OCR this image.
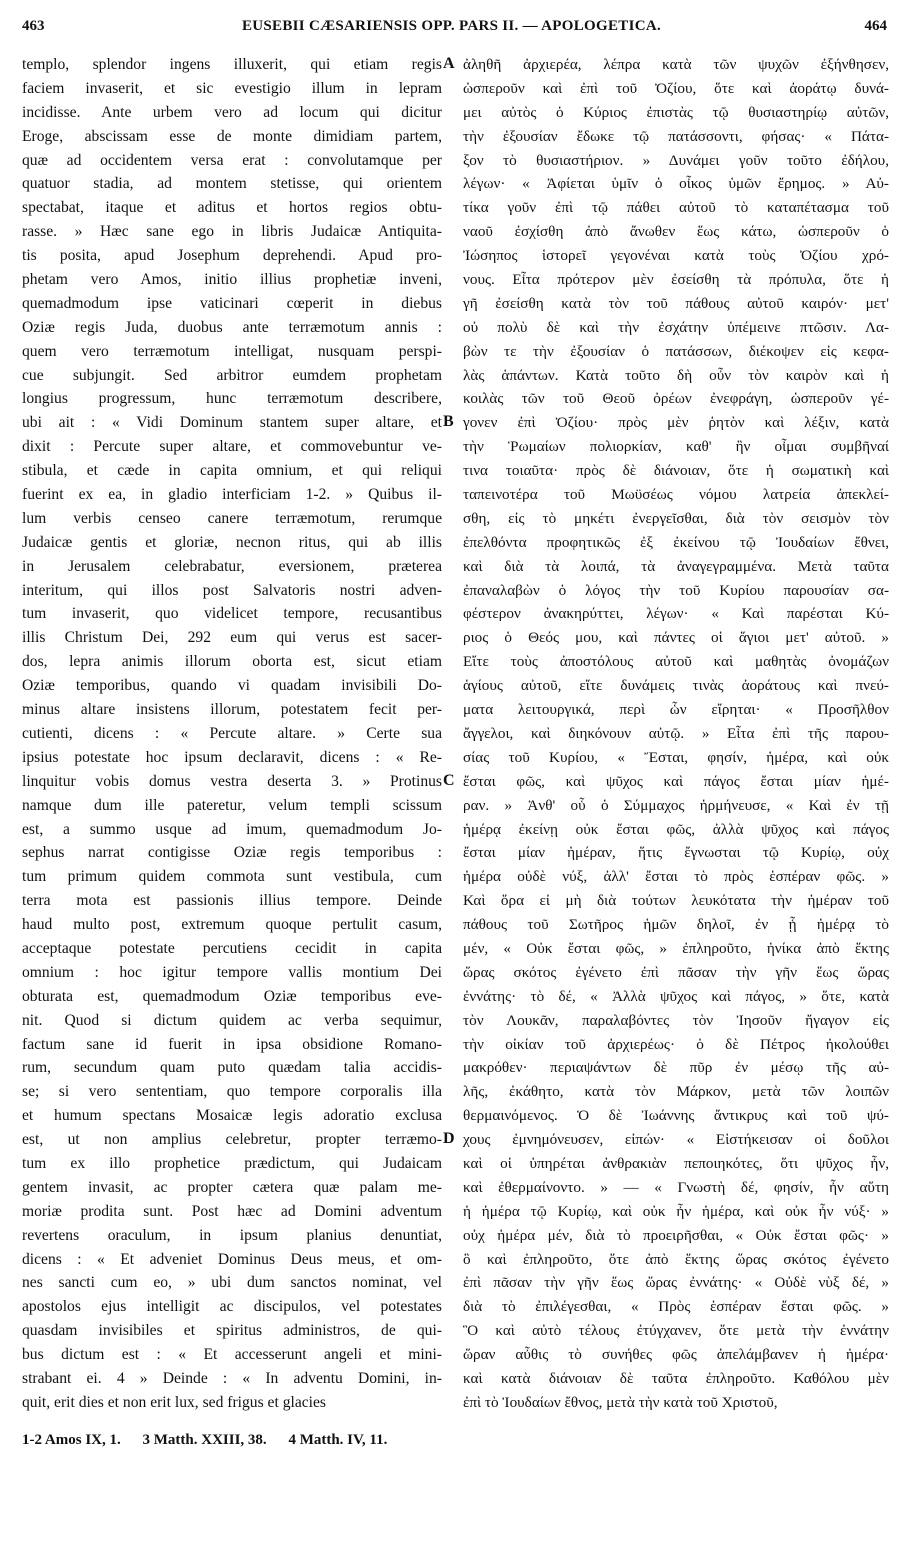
463	EUSEBII CÆSARIENSIS OPP. PARS II. — APOLOGETICA.	464
templo, splendor ingens illuxerit, qui etiam regis
faciem invaserit, et sic evestigio illum in lepram
incidisse. Ante urbem vero ad locum qui dicitur
Eroge, abscissam esse de monte dimidiam partem,
quæ ad occidentem versa erat : convolutamque per
quatuor stadia, ad montem stetisse, qui orientem
spectabat, itaque et aditus et hortos regios obtu-
rasse. » Hæc sane ego in libris Judaicæ Antiquita-
tis posita, apud Josephum deprehendi. Apud pro-
phetam vero Amos, initio illius prophetiæ inveni,
quemadmodum ipse vaticinari cœperit in diebus
Oziæ regis Juda, duobus ante terræmotum annis :
quem vero terræmotum intelligat, nusquam perspi-
cue subjungit. Sed arbitror eumdem prophetam
longius progressum, hunc terræmotum describere,
ubi ait : « Vidi Dominum stantem super altare, et
dixit : Percute super altare, et commovebuntur ve-
stibula, et cæde in capita omnium, et qui reliqui
fuerint ex ea, in gladio interficiam 1-2. » Quibus il-
lum verbis censeo canere terræmotum, rerumque
Judaicæ gentis et gloriæ, necnon ritus, qui ab illis
in Jerusalem celebrabatur, eversionem, præterea
interitum, qui illos post Salvatoris nostri adven-
tum invaserit, quo videlicet tempore, recusantibus
illis Christum Dei, 292 eum qui verus est sacer-
dos, lepra animis illorum oborta est, sicut etiam
Oziæ temporibus, quando vi quadam invisibili Do-
minus altare insistens illorum, potestatem fecit per-
cutienti, dicens : « Percute altare. » Certe sua
ipsius potestate hoc ipsum declaravit, dicens : « Re-
linquitur vobis domus vestra deserta 3. » Protinus
namque dum ille pateretur, velum templi scissum
est, a summo usque ad imum, quemadmodum Jo-
sephus narrat contigisse Oziæ regis temporibus :
tum primum quidem commota sunt vestibula, cum
terra mota est passionis illius tempore. Deinde
haud multo post, extremum quoque pertulit casum,
acceptaque potestate percutiens cecidit in capita
omnium : hoc igitur tempore vallis montium Dei
obturata est, quemadmodum Oziæ temporibus eve-
nit. Quod si dictum quidem ac verba sequimur,
factum sane id fuerit in ipsa obsidione Romano-
rum, secundum quam puto quædam talia accidis-
se; si vero sententiam, quo tempore corporalis illa
et humum spectans Mosaicæ legis adoratio exclusa
est, ut non amplius celebretur, propter terræmo-
tum ex illo prophetice prædictum, qui Judaicam
gentem invasit, ac propter cætera quæ palam me-
moriæ prodita sunt. Post hæc ad Domini adventum
revertens oraculum, in ipsum planius denuntiat,
dicens : « Et adveniet Dominus Deus meus, et om-
nes sancti cum eo, » ubi dum sanctos nominat, vel
apostolos ejus intelligit ac discipulos, vel potestates
quasdam invisibiles et spiritus administros, de qui-
bus dictum est : « Et accesserunt angeli et mini-
strabant ei. 4 » Deinde : « In adventu Domini, in-
quit, erit dies et non erit lux, sed frigus et glacies
ἀληθῆ ἀρχιερέα, λέπρα κατὰ τῶν ψυχῶν ἐξήνθησεν,
ὡσπεροῦν καὶ ἐπὶ τοῦ Ὀζίου, ὅτε καὶ ἀοράτῳ δυνά-
μει αὐτὸς ὁ Κύριος ἐπιστὰς τῷ θυσιαστηρίῳ αὐτῶν,
τὴν ἐξουσίαν ἔδωκε τῷ πατάσσοντι, φήσας· « Πάτα-
ξον τὸ θυσιαστήριον. » Δυνάμει γοῦν τοῦτο ἐδήλου,
λέγων· « Ἀφίεται ὑμῖν ὁ οἶκος ὑμῶν ἔρημος. » Αὐ-
τίκα γοῦν ἐπὶ τῷ πάθει αὐτοῦ τὸ καταπέτασμα τοῦ
ναοῦ ἐσχίσθη ἀπὸ ἄνωθεν ἕως κάτω, ὡσπεροῦν ὁ
Ἰώσηπος ἱστορεῖ γεγονέναι κατὰ τοὺς Ὀζίου χρό-
νους. Εἶτα πρότερον μὲν ἐσείσθη τὰ πρόπυλα, ὅτε ἡ
γῆ ἐσείσθη κατὰ τὸν τοῦ πάθους αὐτοῦ καιρόν· μετ'
οὐ πολὺ δὲ καὶ τὴν ἐσχάτην ὑπέμεινε πτῶσιν. Λα-
βὼν τε τὴν ἐξουσίαν ὁ πατάσσων, διέκοψεν εἰς κεφα-
λὰς ἁπάντων. Κατὰ τοῦτο δὴ οὖν τὸν καιρὸν καὶ ἡ
κοιλὰς τῶν τοῦ Θεοῦ ὀρέων ἐνεφράγη, ὡσπεροῦν γέ-
γονεν ἐπὶ Ὀζίου· πρὸς μὲν ῥητὸν καὶ λέξιν, κατὰ
τὴν Ῥωμαίων πολιορκίαν, καθ' ἣν οἶμαι συμβῆναί
τινα τοιαῦτα· πρὸς δὲ διάνοιαν, ὅτε ἡ σωματικὴ καὶ
ταπεινοτέρα τοῦ Μωϋσέως νόμου λατρεία ἀπεκλεί-
σθη, εἰς τὸ μηκέτι ἐνεργεῖσθαι, διὰ τὸν σεισμὸν τὸν
ἐπελθόντα προφητικῶς ἐξ ἐκείνου τῷ Ἰουδαίων ἔθνει,
καὶ διὰ τὰ λοιπά, τὰ ἀναγεγραμμένα. Μετὰ ταῦτα
ἐπαναλαβὼν ὁ λόγος τὴν τοῦ Κυρίου παρουσίαν σα-
φέστερον ἀνακηρύττει, λέγων· « Καὶ παρέσται Κύ-
ριος ὁ Θεός μου, καὶ πάντες οἱ ἅγιοι μετ' αὐτοῦ. »
Εἴτε τοὺς ἀποστόλους αὐτοῦ καὶ μαθητὰς ὀνομάζων
ἁγίους αὐτοῦ, εἴτε δυνάμεις τινὰς ἀοράτους καὶ πνεύ-
ματα λειτουργικά, περὶ ὧν εἴρηται· « Προσῆλθον
ἄγγελοι, καὶ διηκόνουν αὐτῷ. » Εἶτα ἐπὶ τῆς παρου-
σίας τοῦ Κυρίου, « Ἔσται, φησίν, ἡμέρα, καὶ οὐκ
ἔσται φῶς, καὶ ψῦχος καὶ πάγος ἔσται μίαν ἡμέ-
ραν. » Ἀνθ' οὗ ὁ Σύμμαχος ἡρμήνευσε, « Καὶ ἐν τῇ
ἡμέρᾳ ἐκείνῃ οὐκ ἔσται φῶς, ἀλλὰ ψῦχος καὶ πάγος
ἔσται μίαν ἡμέραν, ἥτις ἔγνωσται τῷ Κυρίῳ, οὐχ
ἡμέρα οὐδὲ νύξ, ἀλλ' ἔσται τὸ πρὸς ἑσπέραν φῶς. »
Καὶ ὅρα εἰ μὴ διὰ τούτων λευκότατα τὴν ἡμέραν τοῦ
πάθους τοῦ Σωτῆρος ἡμῶν δηλοῖ, ἐν ᾗ ἡμέρᾳ τὸ
μέν, « Οὐκ ἔσται φῶς, » ἐπληροῦτο, ἡνίκα ἀπὸ ἕκτης
ὥρας σκότος ἐγένετο ἐπὶ πᾶσαν τὴν γῆν ἕως ὥρας
ἐννάτης· τὸ δέ, « Ἀλλὰ ψῦχος καὶ πάγος, » ὅτε, κατὰ
τὸν Λουκᾶν, παραλαβόντες τὸν Ἰησοῦν ἤγαγον εἰς
τὴν οἰκίαν τοῦ ἀρχιερέως· ὁ δὲ Πέτρος ἠκολούθει
μακρόθεν· περιαψάντων δὲ πῦρ ἐν μέσῳ τῆς αὐ-
λῆς, ἐκάθητο, κατὰ τὸν Μάρκον, μετὰ τῶν λοιπῶν
θερμαινόμενος. Ὁ δὲ Ἰωάννης ἄντικρυς καὶ τοῦ ψύ-
χους ἐμνημόνευσεν, εἰπών· « Εἱστήκεισαν οἱ δοῦλοι
καὶ οἱ ὑπηρέται ἀνθρακιὰν πεποιηκότες, ὅτι ψῦχος ἦν,
καὶ ἐθερμαίνοντο. » — « Γνωστὴ δέ, φησίν, ἦν αὕτη
ἡ ἡμέρα τῷ Κυρίῳ, καὶ οὐκ ἦν ἡμέρα, καὶ οὐκ ἦν νύξ· »
οὐχ ἡμέρα μέν, διὰ τὸ προειρῆσθαι, « Οὐκ ἔσται φῶς· »
ὃ καὶ ἐπληροῦτο, ὅτε ἀπὸ ἕκτης ὥρας σκότος ἐγένετο
ἐπὶ πᾶσαν τὴν γῆν ἕως ὥρας ἐννάτης· « Οὐδὲ νὺξ δέ, »
διὰ τὸ ἐπιλέγεσθαι, « Πρὸς ἑσπέραν ἔσται φῶς. »
Ὃ καὶ αὐτὸ τέλους ἐτύγχανεν, ὅτε μετὰ τὴν ἐννάτην
ὥραν αὖθις τὸ συνήθες φῶς ἀπελάμβανεν ἡ ἡμέρα·
καὶ κατὰ διάνοιαν δὲ ταῦτα ἐπληροῦτο. Καθόλου μὲν
ἐπὶ τὸ Ἰουδαίων ἔθνος, μετὰ τὴν κατὰ τοῦ Χριστοῦ,
A
B
C
D
1-2 Amos IX, 1. 3 Matth. XXIII, 38. 4 Matth. IV, 11.
